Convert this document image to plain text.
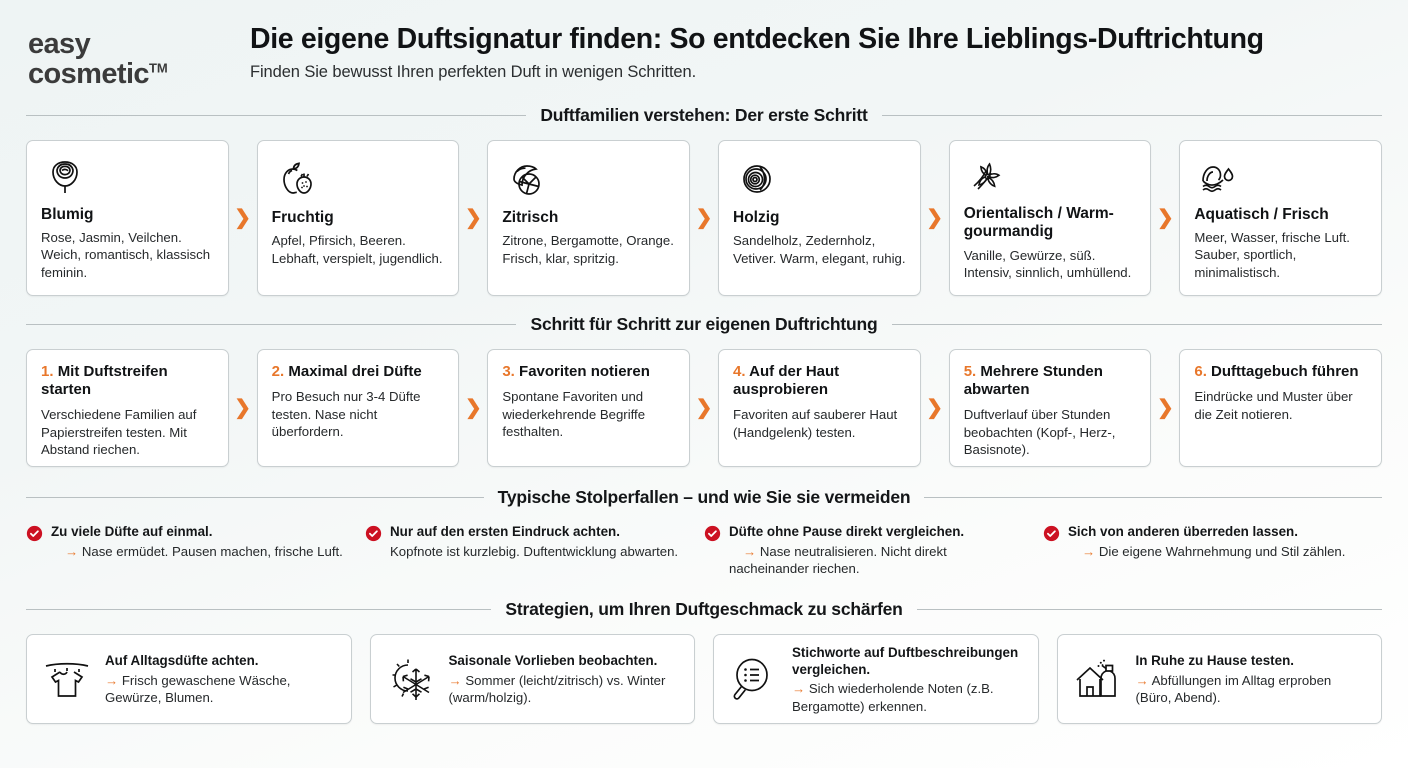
easy
cosmetic™
Die eigene Duftsignatur finden: So entdecken Sie Ihre Lieblings-Duftrichtung
Finden Sie bewusst Ihren perfekten Duft in wenigen Schritten.
Duftfamilien verstehen: Der erste Schritt
Blumig
Rose, Jasmin, Veilchen. Weich, romantisch, klassisch feminin.
❯	Fruchtig
Apfel, Pfirsich, Beeren. Lebhaft, verspielt, jugendlich.
❯	Zitrisch
Zitrone, Bergamotte, Orange. Frisch, klar, spritzig.
❯	Holzig
Sandelholz, Zedernholz, Vetiver. Warm, elegant, ruhig.
❯	Orientalisch / Warm-gourmandig
Vanille, Gewürze, süß. Intensiv, sinnlich, umhüllend.
❯	Aquatisch / Frisch
Meer, Wasser, frische Luft. Sauber, sportlich, minimalistisch.
Schritt für Schritt zur eigenen Duftrichtung
1. Mit Duftstreifen starten
Verschiedene Familien auf Papierstreifen testen. Mit Abstand riechen.
❯
2. Maximal drei Düfte
Pro Besuch nur 3-4 Düfte testen. Nase nicht überfordern.
❯
3. Favoriten notieren
Spontane Favoriten und wiederkehrende Begriffe festhalten.
❯
4. Auf der Haut ausprobieren
Favoriten auf sauberer Haut (Handgelenk) testen.
❯
5. Mehrere Stunden abwarten
Duftverlauf über Stunden beobachten (Kopf-, Herz-, Basisnote).
❯
6. Dufttagebuch führen
Eindrücke und Muster über die Zeit notieren.
Typische Stolperfallen – und wie Sie sie vermeiden
Zu viele Düfte auf einmal.
→ Nase ermüdet. Pausen machen, frische Luft.
Nur auf den ersten Eindruck achten.
Kopfnote ist kurzlebig. Duftentwicklung abwarten.
Düfte ohne Pause direkt vergleichen.
→ Nase neutralisieren. Nicht direkt nacheinander riechen.
Sich von anderen überreden lassen.
→ Die eigene Wahrnehmung und Stil zählen.
Strategien, um Ihren Duftgeschmack zu schärfen
Auf Alltagsdüfte achten.
→ Frisch gewaschene Wäsche, Gewürze, Blumen.
Saisonale Vorlieben beobachten.
→ Sommer (leicht/zitrisch) vs. Winter (warm/holzig).
Stichworte auf Duftbeschreibungen vergleichen.
→ Sich wiederholende Noten (z.B. Bergamotte) erkennen.
In Ruhe zu Hause testen.
→ Abfüllungen im Alltag erproben (Büro, Abend).
